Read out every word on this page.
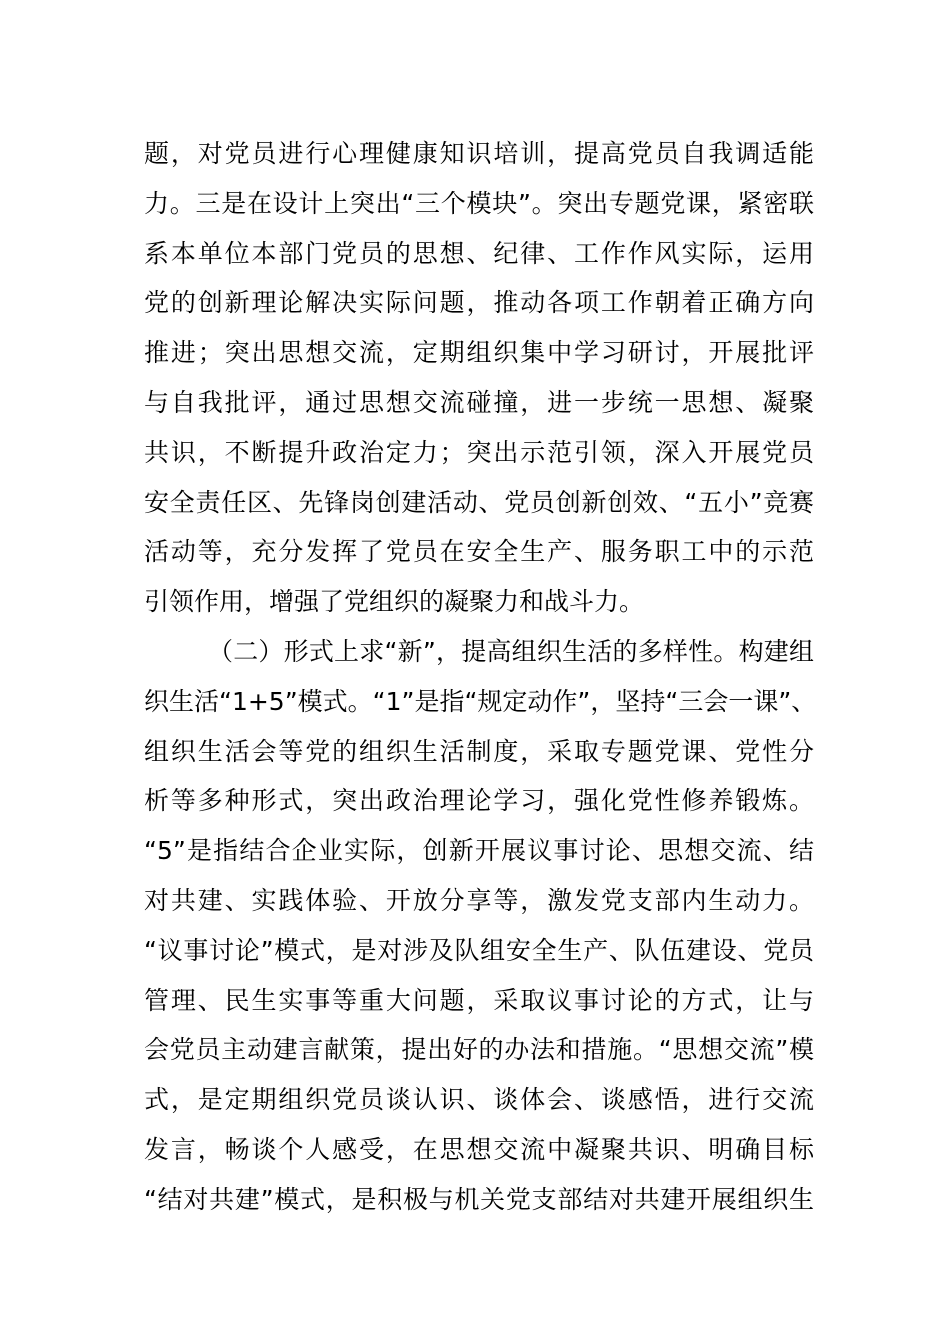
题，对党员进行心理健康知识培训，提高党员自我调适能
力。三是在设计上突出“三个模块”。突出专题党课，紧密联
系本单位本部门党员的思想、纪律、工作作风实际，运用
党的创新理论解决实际问题，推动各项工作朝着正确方向
推进；突出思想交流，定期组织集中学习研讨，开展批评
与自我批评，通过思想交流碰撞，进一步统一思想、凝聚
共识，不断提升政治定力；突出示范引领，深入开展党员
安全责任区、先锋岗创建活动、党员创新创效、“五小”竞赛
活动等，充分发挥了党员在安全生产、服务职工中的示范
引领作用，增强了党组织的凝聚力和战斗力。
（二）形式上求“新”，提高组织生活的多样性。构建组
织生活“1+5”模式。“1”是指“规定动作”，坚持“三会一课”、
组织生活会等党的组织生活制度，采取专题党课、党性分
析等多种形式，突出政治理论学习，强化党性修养锻炼。
“5”是指结合企业实际，创新开展议事讨论、思想交流、结
对共建、实践体验、开放分享等，激发党支部内生动力。
“议事讨论”模式，是对涉及队组安全生产、队伍建设、党员
管理、民生实事等重大问题，采取议事讨论的方式，让与
会党员主动建言献策，提出好的办法和措施。“思想交流”模
式，是定期组织党员谈认识、谈体会、谈感悟，进行交流
发言，畅谈个人感受，在思想交流中凝聚共识、明确目标
“结对共建”模式，是积极与机关党支部结对共建开展组织生
